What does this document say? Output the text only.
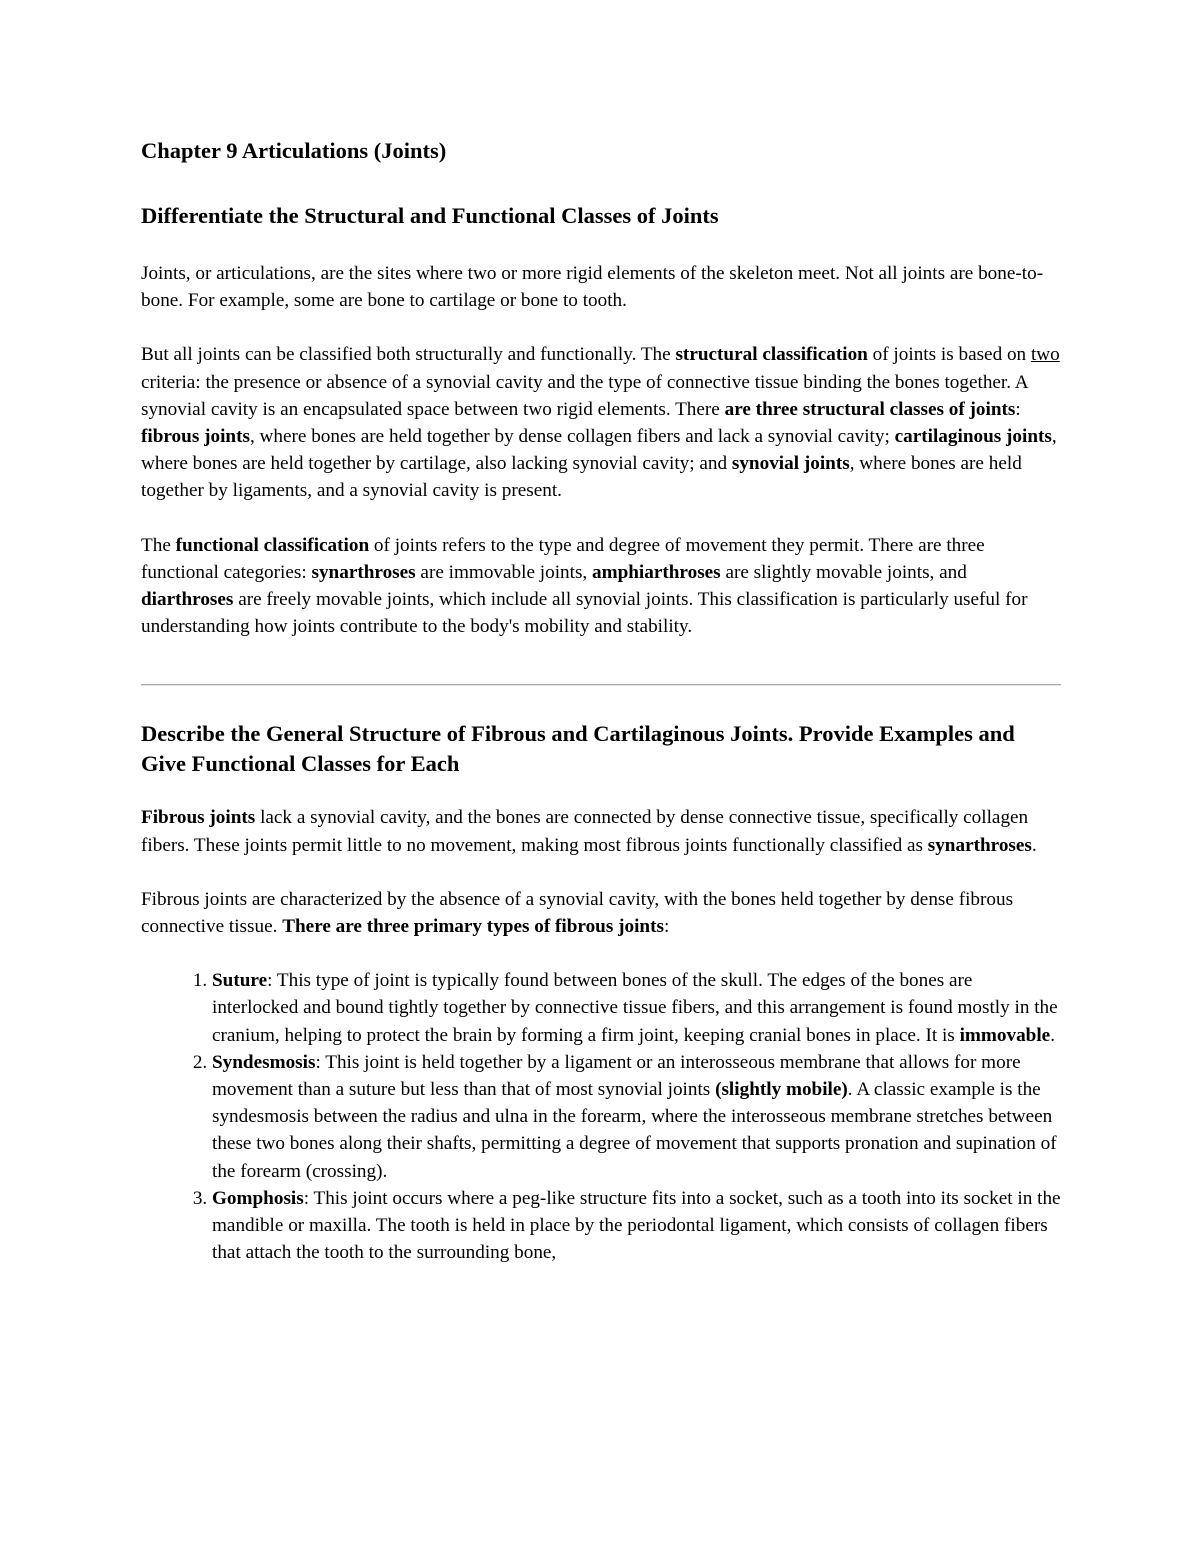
Chapter 9 Articulations (Joints)
Differentiate the Structural and Functional Classes of Joints

Joints, or articulations, are the sites where two or more rigid elements of the skeleton meet. Not all joints are bone-to-bone. For example, some are bone to cartilage or bone to tooth.

But all joints can be classified both structurally and functionally. The structural classification of joints is based on two criteria: the presence or absence of a synovial cavity and the type of connective tissue binding the bones together. A synovial cavity is an encapsulated space between two rigid elements. There are three structural classes of joints: fibrous joints, where bones are held together by dense collagen fibers and lack a synovial cavity; cartilaginous joints, where bones are held together by cartilage, also lacking synovial cavity; and synovial joints, where bones are held together by ligaments, and a synovial cavity is present.

The functional classification of joints refers to the type and degree of movement they permit. There are three functional categories: synarthroses are immovable joints, amphiarthroses are slightly movable joints, and diarthroses are freely movable joints, which include all synovial joints. This classification is particularly useful for understanding how joints contribute to the body's mobility and stability.

Describe the General Structure of Fibrous and Cartilaginous Joints. Provide Examples and Give Functional Classes for Each

Fibrous joints lack a synovial cavity, and the bones are connected by dense connective tissue, specifically collagen fibers. These joints permit little to no movement, making most fibrous joints functionally classified as synarthroses.

Fibrous joints are characterized by the absence of a synovial cavity, with the bones held together by dense fibrous connective tissue. There are three primary types of fibrous joints:

1. Suture: This type of joint is typically found between bones of the skull. The edges of the bones are interlocked and bound tightly together by connective tissue fibers, and this arrangement is found mostly in the cranium, helping to protect the brain by forming a firm joint, keeping cranial bones in place. It is immovable.
2. Syndesmosis: This joint is held together by a ligament or an interosseous membrane that allows for more movement than a suture but less than that of most synovial joints (slightly mobile). A classic example is the syndesmosis between the radius and ulna in the forearm, where the interosseous membrane stretches between these two bones along their shafts, permitting a degree of movement that supports pronation and supination of the forearm (crossing).
3. Gomphosis: This joint occurs where a peg-like structure fits into a socket, such as a tooth into its socket in the mandible or maxilla. The tooth is held in place by the periodontal ligament, which consists of collagen fibers that attach the tooth to the surrounding bone,
